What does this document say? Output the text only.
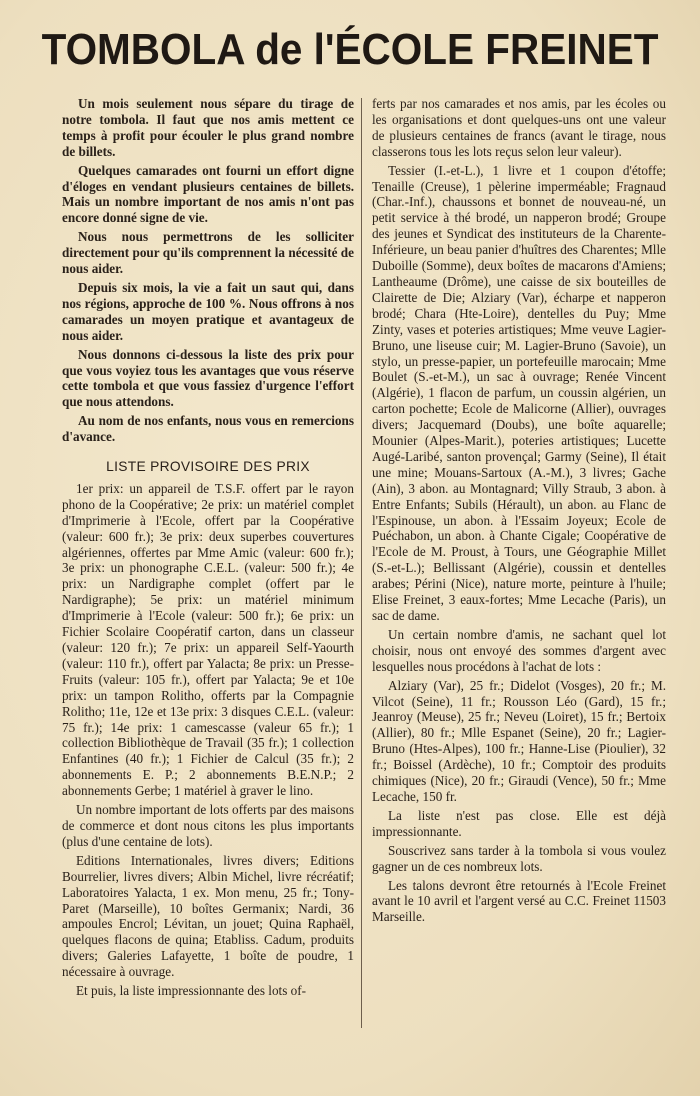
TOMBOLA de l'ÉCOLE FREINET

Un mois seulement nous sépare du tirage de notre tombola. Il faut que nos amis mettent ce temps à profit pour écouler le plus grand nombre de billets.

Quelques camarades ont fourni un effort digne d'éloges en vendant plusieurs centaines de billets. Mais un nombre important de nos amis n'ont pas encore donné signe de vie.

Nous nous permettrons de les solliciter directement pour qu'ils comprennent la nécessité de nous aider.

Depuis six mois, la vie a fait un saut qui, dans nos régions, approche de 100 %. Nous offrons à nos camarades un moyen pratique et avantageux de nous aider.

Nous donnons ci-dessous la liste des prix pour que vous voyiez tous les avantages que vous réserve cette tombola et que vous fassiez d'urgence l'effort que nous attendons.

Au nom de nos enfants, nous vous en remercions d'avance.

LISTE PROVISOIRE DES PRIX

1er prix: un appareil de T.S.F. offert par le rayon phono de la Coopérative; 2e prix: un matériel complet d'Imprimerie à l'Ecole, offert par la Coopérative (valeur: 600 fr.); 3e prix: deux superbes couvertures algériennes, offertes par Mme Amic (valeur: 600 fr.); 3e prix: un phonographe C.E.L. (valeur: 500 fr.); 4e prix: un Nardigraphe complet (offert par le Nardigraphe); 5e prix: un matériel minimum d'Imprimerie à l'Ecole (valeur: 500 fr.); 6e prix: un Fichier Scolaire Coopératif carton, dans un classeur (valeur: 120 fr.); 7e prix: un appareil Self-Yaourth (valeur: 110 fr.), offert par Yalacta; 8e prix: un Presse-Fruits (valeur: 105 fr.), offert par Yalacta; 9e et 10e prix: un tampon Rolitho, offerts par la Compagnie Rolitho; 11e, 12e et 13e prix: 3 disques C.E.L. (valeur: 75 fr.); 14e prix: 1 camescasse (valeur 65 fr.); 1 collection Bibliothèque de Travail (35 fr.); 1 collection Enfantines (40 fr.); 1 Fichier de Calcul (35 fr.); 2 abonnements E. P.; 2 abonnements B.E.N.P.; 2 abonnements Gerbe; 1 matériel à graver le lino.

Un nombre important de lots offerts par des maisons de commerce et dont nous citons les plus importants (plus d'une centaine de lots).

Editions Internationales, livres divers; Editions Bourrelier, livres divers; Albin Michel, livre récréatif; Laboratoires Yalacta, 1 ex. Mon menu, 25 fr.; Tony-Paret (Marseille), 10 boîtes Germanix; Nardi, 36 ampoules Encrol; Lévitan, un jouet; Quina Raphaël, quelques flacons de quina; Etabliss. Cadum, produits divers; Galeries Lafayette, 1 boîte de poudre, 1 nécessaire à ouvrage.

Et puis, la liste impressionnante des lots of-

ferts par nos camarades et nos amis, par les écoles ou les organisations et dont quelques-uns ont une valeur de plusieurs centaines de francs (avant le tirage, nous classerons tous les lots reçus selon leur valeur).

Tessier (I.-et-L.), 1 livre et 1 coupon d'étoffe; Tenaille (Creuse), 1 pèlerine imperméable; Fragnaud (Char.-Inf.), chaussons et bonnet de nouveau-né, un petit service à thé brodé, un napperon brodé; Groupe des jeunes et Syndicat des instituteurs de la Charente-Inférieure, un beau panier d'huîtres des Charentes; Mlle Duboille (Somme), deux boîtes de macarons d'Amiens; Lantheaume (Drôme), une caisse de six bouteilles de Clairette de Die; Alziary (Var), écharpe et napperon brodé; Chara (Hte-Loire), dentelles du Puy; Mme Zinty, vases et poteries artistiques; Mme veuve Lagier-Bruno, une liseuse cuir; M. Lagier-Bruno (Savoie), un stylo, un presse-papier, un portefeuille marocain; Mme Boulet (S.-et-M.), un sac à ouvrage; Renée Vincent (Algérie), 1 flacon de parfum, un coussin algérien, un carton pochette; Ecole de Malicorne (Allier), ouvrages divers; Jacquemard (Doubs), une boîte aquarelle; Mounier (Alpes-Marit.), poteries artistiques; Lucette Augé-Laribé, santon provençal; Garmy (Seine), Il était une mine; Mouans-Sartoux (A.-M.), 3 livres; Gache (Ain), 3 abon. au Montagnard; Villy Straub, 3 abon. à Entre Enfants; Subils (Hérault), un abon. au Flanc de l'Espinouse, un abon. à l'Essaim Joyeux; Ecole de Puéchabon, un abon. à Chante Cigale; Coopérative de l'Ecole de M. Proust, à Tours, une Géographie Millet (S.-et-L.); Bellissant (Algérie), coussin et dentelles arabes; Périni (Nice), nature morte, peinture à l'huile; Elise Freinet, 3 eaux-fortes; Mme Lecache (Paris), un sac de dame.

Un certain nombre d'amis, ne sachant quel lot choisir, nous ont envoyé des sommes d'argent avec lesquelles nous procédons à l'achat de lots :

Alziary (Var), 25 fr.; Didelot (Vosges), 20 fr.; M. Vilcot (Seine), 11 fr.; Rousson Léo (Gard), 15 fr.; Jeanroy (Meuse), 25 fr.; Neveu (Loiret), 15 fr.; Bertoix (Allier), 80 fr.; Mlle Espanet (Seine), 20 fr.; Lagier-Bruno (Htes-Alpes), 100 fr.; Hanne-Lise (Pioulier), 32 fr.; Boissel (Ardèche), 10 fr.; Comptoir des produits chimiques (Nice), 20 fr.; Giraudi (Vence), 50 fr.; Mme Lecache, 150 fr.

La liste n'est pas close. Elle est déjà impressionnante.

Souscrivez sans tarder à la tombola si vous voulez gagner un de ces nombreux lots.

Les talons devront être retournés à l'Ecole Freinet avant le 10 avril et l'argent versé au C.C. Freinet 11503 Marseille.
